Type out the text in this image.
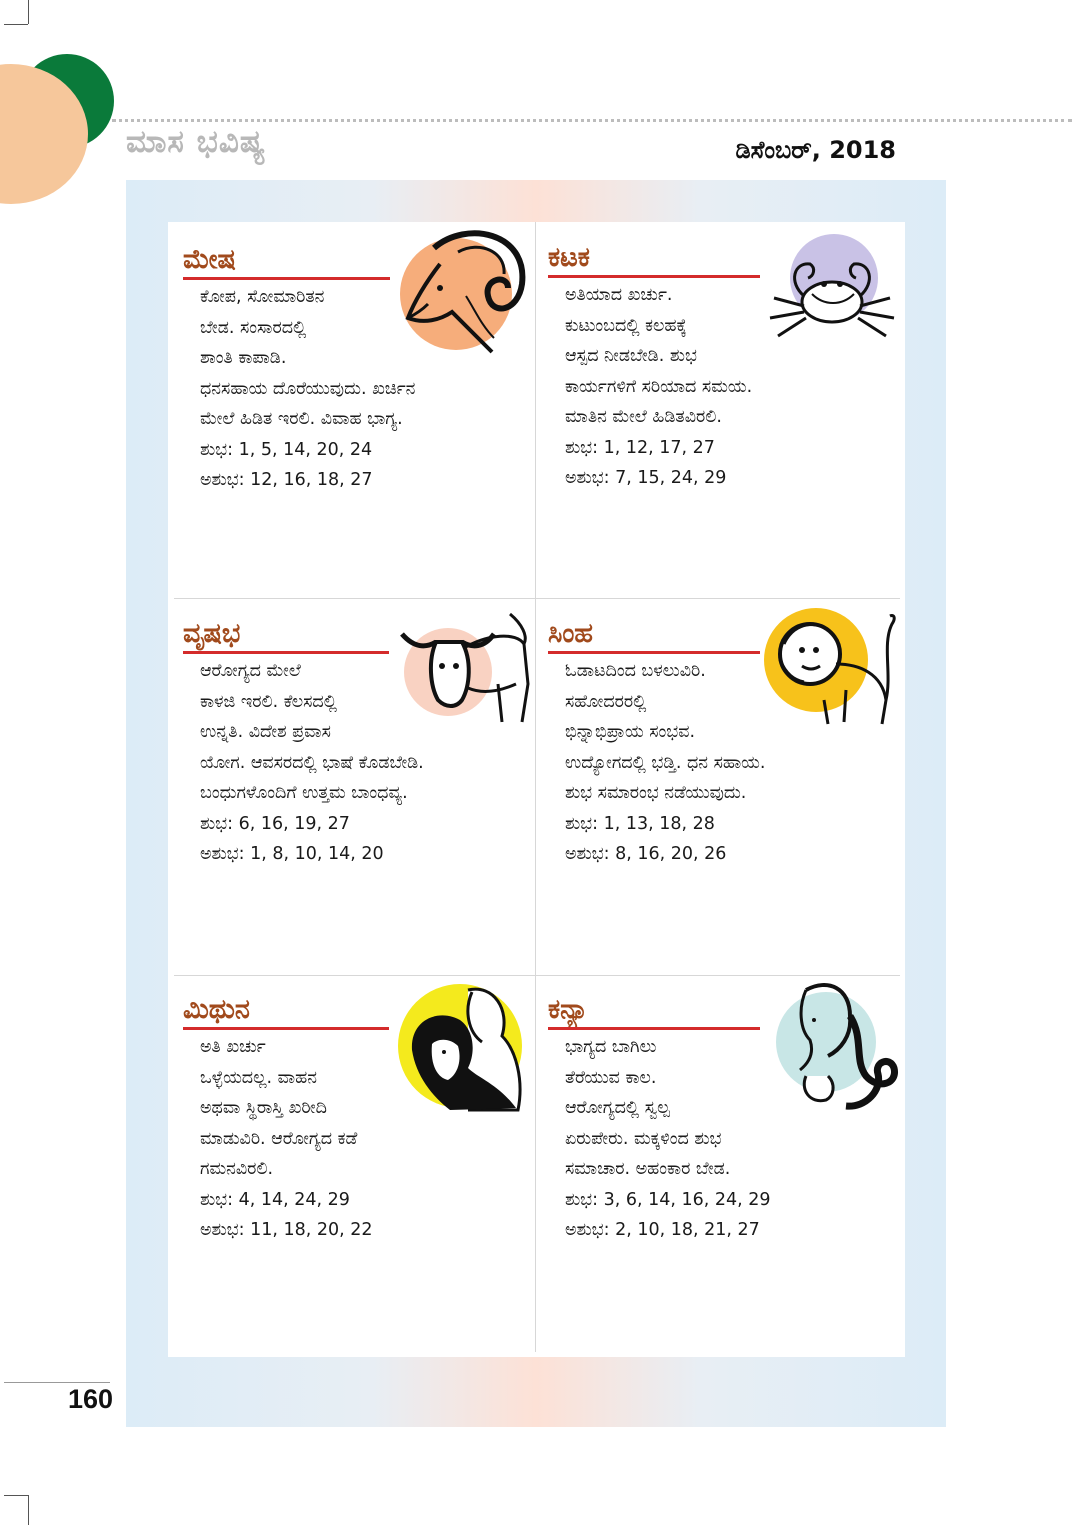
ಮಾಸ ಭವಿಷ್ಯ	ಡಿಸೆಂಬರ್, 2018
ಮೇಷ
ಕೋಪ, ಸೋಮಾರಿತನ
ಬೇಡ. ಸಂಸಾರದಲ್ಲಿ
ಶಾಂತಿ ಕಾಪಾಡಿ.
ಧನಸಹಾಯ ದೊರೆಯುವುದು. ಖರ್ಚಿನ
ಮೇಲೆ ಹಿಡಿತ ಇರಲಿ. ವಿವಾಹ ಭಾಗ್ಯ.
ಶುಭ: 1, 5, 14, 20, 24
ಅಶುಭ: 12, 16, 18, 27
ಕಟಕ
ಅತಿಯಾದ ಖರ್ಚು.
ಕುಟುಂಬದಲ್ಲಿ ಕಲಹಕ್ಕೆ
ಆಸ್ಪದ ನೀಡಬೇಡಿ. ಶುಭ
ಕಾರ್ಯಗಳಿಗೆ ಸರಿಯಾದ ಸಮಯ.
ಮಾತಿನ ಮೇಲೆ ಹಿಡಿತವಿರಲಿ.
ಶುಭ: 1, 12, 17, 27
ಅಶುಭ: 7, 15, 24, 29
ವೃಷಭ
ಆರೋಗ್ಯದ ಮೇಲೆ
ಕಾಳಜಿ ಇರಲಿ. ಕೆಲಸದಲ್ಲಿ
ಉನ್ನತಿ. ವಿದೇಶ ಪ್ರವಾಸ
ಯೋಗ. ಆವಸರದಲ್ಲಿ ಭಾಷೆ ಕೊಡಬೇಡಿ.
ಬಂಧುಗಳೊಂದಿಗೆ ಉತ್ತಮ ಬಾಂಧವ್ಯ.
ಶುಭ: 6, 16, 19, 27
ಅಶುಭ: 1, 8, 10, 14, 20
ಸಿಂಹ
ಓಡಾಟದಿಂದ ಬಳಲುವಿರಿ.
ಸಹೋದರರಲ್ಲಿ
ಭಿನ್ನಾಭಿಪ್ರಾಯ ಸಂಭವ.
ಉದ್ಯೋಗದಲ್ಲಿ ಭಡ್ತಿ. ಧನ ಸಹಾಯ.
ಶುಭ ಸಮಾರಂಭ ನಡೆಯುವುದು.
ಶುಭ: 1, 13, 18, 28
ಅಶುಭ: 8, 16, 20, 26
ಮಿಥುನ
ಅತಿ ಖರ್ಚು
ಒಳ್ಳೆಯದಲ್ಲ. ವಾಹನ
ಅಥವಾ ಸ್ಥಿರಾಸ್ತಿ ಖರೀದಿ
ಮಾಡುವಿರಿ. ಆರೋಗ್ಯದ ಕಡೆ
ಗಮನವಿರಲಿ.
ಶುಭ: 4, 14, 24, 29
ಅಶುಭ: 11, 18, 20, 22
ಕನ್ಯಾ
ಭಾಗ್ಯದ ಬಾಗಿಲು
ತೆರೆಯುವ ಕಾಲ.
ಆರೋಗ್ಯದಲ್ಲಿ ಸ್ವಲ್ಪ
ಏರುಪೇರು. ಮಕ್ಕಳಿಂದ ಶುಭ
ಸಮಾಚಾರ. ಅಹಂಕಾರ ಬೇಡ.
ಶುಭ: 3, 6, 14, 16, 24, 29
ಅಶುಭ: 2, 10, 18, 21, 27
160
